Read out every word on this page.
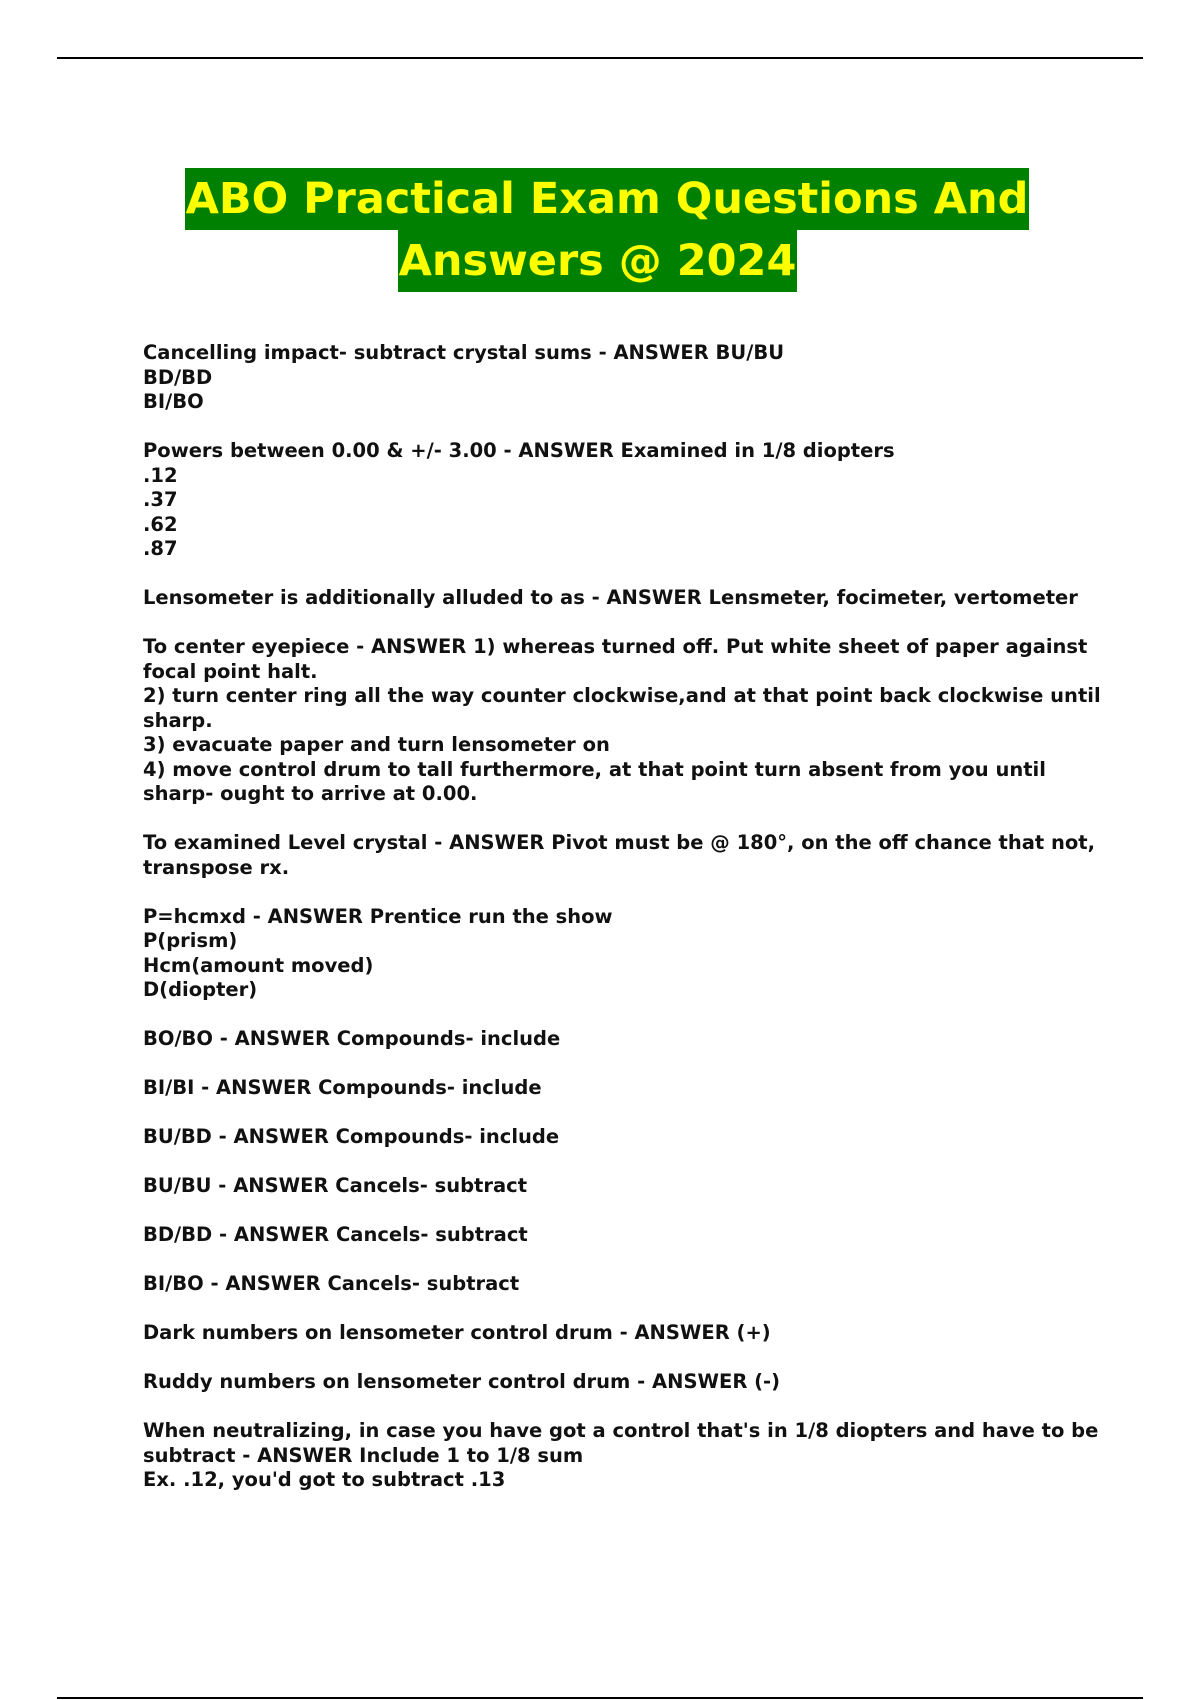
ABO Practical Exam Questions And
Answers @ 2024
Cancelling impact- subtract crystal sums - ANSWER BU/BU
BD/BD
BI/BO
Powers between 0.00 & +/- 3.00 - ANSWER Examined in 1/8 diopters
.12
.37
.62
.87
Lensometer is additionally alluded to as - ANSWER Lensmeter, focimeter, vertometer
To center eyepiece - ANSWER 1) whereas turned off. Put white sheet of paper against focal point halt.
2) turn center ring all the way counter clockwise,and at that point back clockwise until sharp.
3) evacuate paper and turn lensometer on
4) move control drum to tall furthermore, at that point turn absent from you until sharp- ought to arrive at 0.00.
To examined Level crystal - ANSWER Pivot must be @ 180°, on the off chance that not, transpose rx.
P=hcmxd - ANSWER Prentice run the show
P(prism)
Hcm(amount moved)
D(diopter)
BO/BO - ANSWER Compounds- include
BI/BI - ANSWER Compounds- include
BU/BD - ANSWER Compounds- include
BU/BU - ANSWER Cancels- subtract
BD/BD - ANSWER Cancels- subtract
BI/BO - ANSWER Cancels- subtract
Dark numbers on lensometer control drum - ANSWER (+)
Ruddy numbers on lensometer control drum - ANSWER (-)
When neutralizing, in case you have got a control that's in 1/8 diopters and have to be subtract - ANSWER Include 1 to 1/8 sum
Ex. .12, you'd got to subtract .13
